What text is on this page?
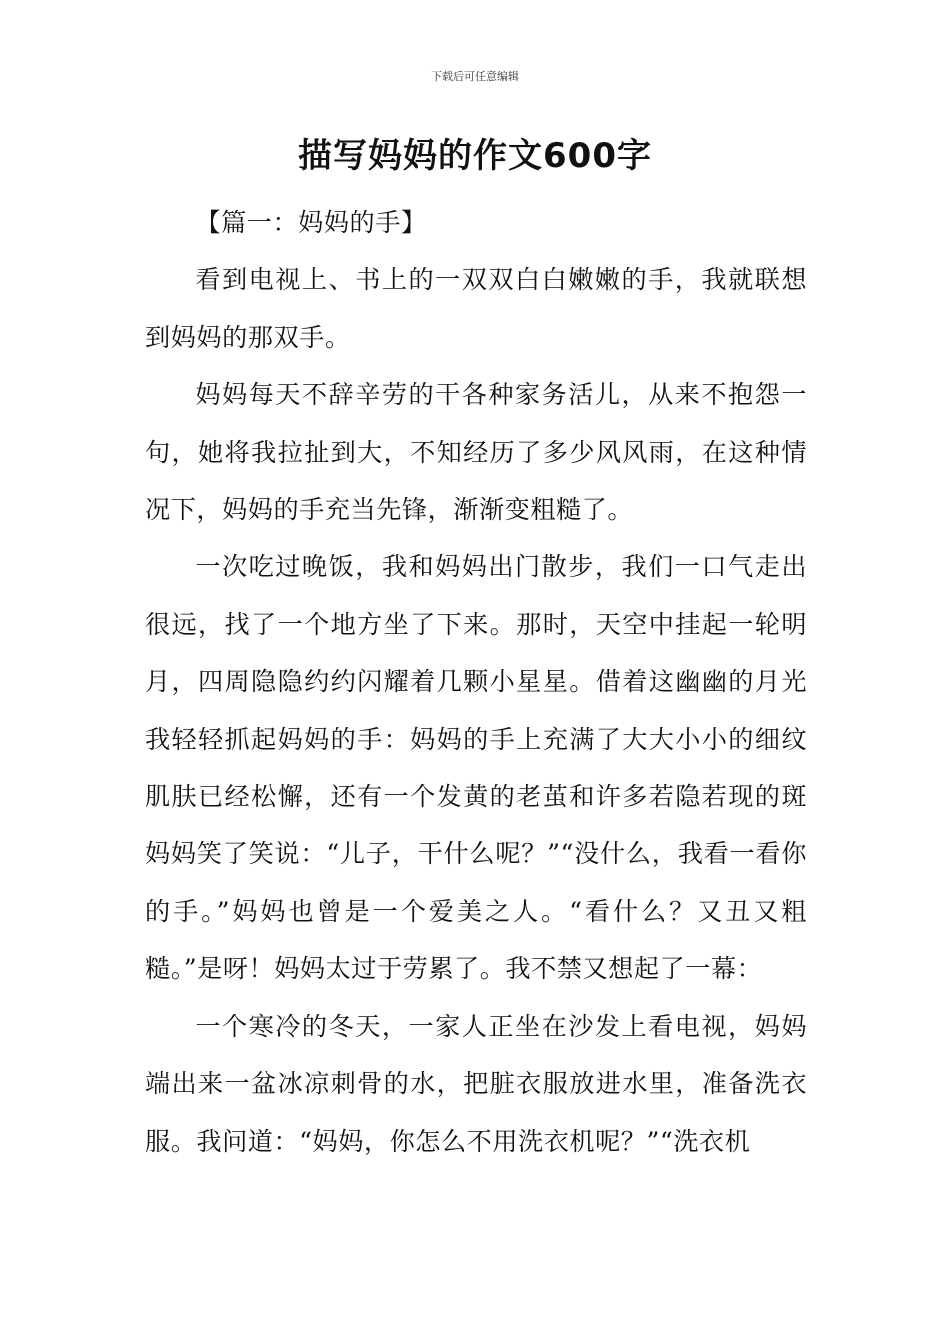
下载后可任意编辑
描写妈妈的作文600字

【篇一：妈妈的手】

看到电视上、书上的一双双白白嫩嫩的手，我就联想到妈妈的那双手。

妈妈每天不辞辛劳的干各种家务活儿，从来不抱怨一句，她将我拉扯到大，不知经历了多少风风雨，在这种情况下，妈妈的手充当先锋，渐渐变粗糙了。

一次吃过晚饭，我和妈妈出门散步，我们一口气走出很远，找了一个地方坐了下来。那时，天空中挂起一轮明月，四周隐隐约约闪耀着几颗小星星。借着这幽幽的月光我轻轻抓起妈妈的手：妈妈的手上充满了大大小小的细纹肌肤已经松懈，还有一个发黄的老茧和许多若隐若现的斑妈妈笑了笑说：“儿子，干什么呢？”“没什么，我看一看你的手。”妈妈也曾是一个爱美之人。“看什么？又丑又粗糙。”是呀！妈妈太过于劳累了。我不禁又想起了一幕：

一个寒冷的冬天，一家人正坐在沙发上看电视，妈妈端出来一盆冰凉刺骨的水，把脏衣服放进水里，准备洗衣服。我问道：“妈妈，你怎么不用洗衣机呢？”“洗衣机
